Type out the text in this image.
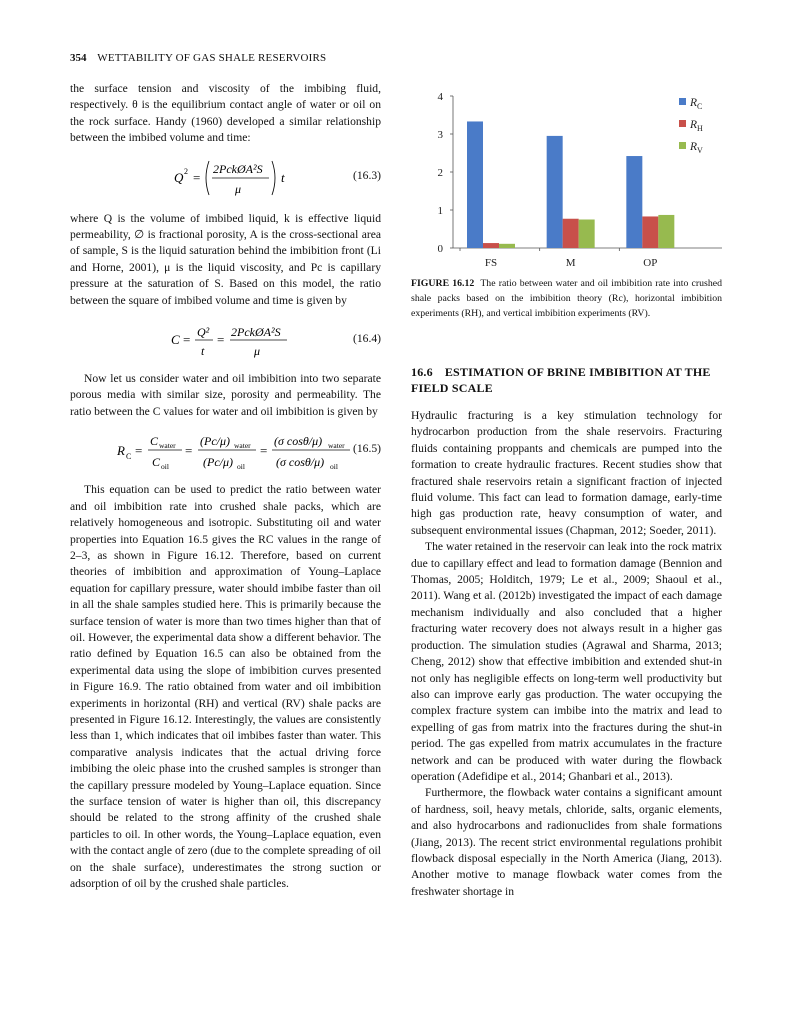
354 WETTABILITY OF GAS SHALE RESERVOIRS

the surface tension and viscosity of the imbibing fluid, respectively. θ is the equilibrium contact angle of water or oil on the rock surface. Handy (1960) developed a similar relationship between the imbibed volume and time:

Q 2 =
2PckØA²S
μ
t	(16.3)

where Q is the volume of imbibed liquid, k is effective liquid permeability, ∅ is fractional porosity, A is the cross-sectional area of sample, S is the liquid saturation behind the imbibition front (Li and Horne, 2001), μ is the liquid viscosity, and Pc is capillary pressure at the saturation of S. Based on this model, the ratio between the square of imbibed volume and time is given by

C = Q²
t
= 2PckØA²S
μ
(16.4)

Now let us consider water and oil imbibition into two separate porous media with similar size, porosity and permeability. The ratio between the C values for water and oil imbibition is given by

R C =
C water
C oil
=
(Pc/μ) water
(Pc/μ) oil
=
(σ cosθ/μ) water
(σ cosθ/μ) oil
(16.5)

This equation can be used to predict the ratio between water and oil imbibition rate into crushed shale packs, which are relatively homogeneous and isotropic. Substituting oil and water properties into Equation 16.5 gives the RC values in the range of 2–3, as shown in Figure 16.12. Therefore, based on current theories of imbibition and approximation of Young–Laplace equation for capillary pressure, water should imbibe faster than oil in all the shale samples studied here. This is primarily because the surface tension of water is more than two times higher than that of oil. However, the experimental data show a different behavior. The ratio defined by Equation 16.5 can also be obtained from the experimental data using the slope of imbibition curves presented in Figure 16.9. The ratio obtained from water and oil imbibition experiments in horizontal (RH) and vertical (RV) shale packs are presented in Figure 16.12. Interestingly, the values are consistently less than 1, which indicates that oil imbibes faster than water. This comparative analysis indicates that the actual driving force imbibing the oleic phase into the crushed samples is stronger than the capillary pressure modeled by Young–Laplace equation. Since the surface tension of water is higher than oil, this discrepancy should be related to the strong affinity of the crushed shale particles to oil. In other words, the Young–Laplace equation, even with the contact angle of zero (due to the complete spreading of oil on the shale surface), underestimates the strong suction or adsorption of oil by the crushed shale particles.

0
1
2
3
4
FS	M	OP
$R_C$
$R_H$
$R_V$
FIGURE 16.12 The ratio between water and oil imbibition rate into crushed shale packs based on the imbibition theory (Rc), horizontal imbibition experiments (RH), and vertical imbibition experiments (RV).
16.6 ESTIMATION OF BRINE IMBIBITION AT THE FIELD SCALE

Hydraulic fracturing is a key stimulation technology for hydrocarbon production from the shale reservoirs. Fracturing fluids containing proppants and chemicals are pumped into the formation to create hydraulic fractures. Recent studies show that fractured shale reservoirs retain a significant fraction of injected fluid volume. This fact can lead to formation damage, early-time high gas production rate, heavy consumption of water, and subsequent environmental issues (Chapman, 2012; Soeder, 2011).

The water retained in the reservoir can leak into the rock matrix due to capillary effect and lead to formation damage (Bennion and Thomas, 2005; Holditch, 1979; Le et al., 2009; Shaoul et al., 2011). Wang et al. (2012b) investigated the impact of each damage mechanism individually and also concluded that a higher fracturing water recovery does not always result in a higher gas production. The simulation studies (Agrawal and Sharma, 2013; Cheng, 2012) show that effective imbibition and extended shut-in not only has negligible effects on long-term well productivity but also can improve early gas production. The water occupying the complex fracture system can imbibe into the matrix and lead to expelling of gas from matrix into the fractures during the shut-in period. The gas expelled from matrix accumulates in the fracture network and can be produced with water during the flowback operation (Adefidipe et al., 2014; Ghanbari et al., 2013).

Furthermore, the flowback water contains a significant amount of hardness, soil, heavy metals, chloride, salts, organic elements, and also hydrocarbons and radionuclides from shale formations (Jiang, 2013). The recent strict environmental regulations prohibit flowback disposal especially in the North America (Jiang, 2013). Another motive to manage flowback water comes from the freshwater shortage in
